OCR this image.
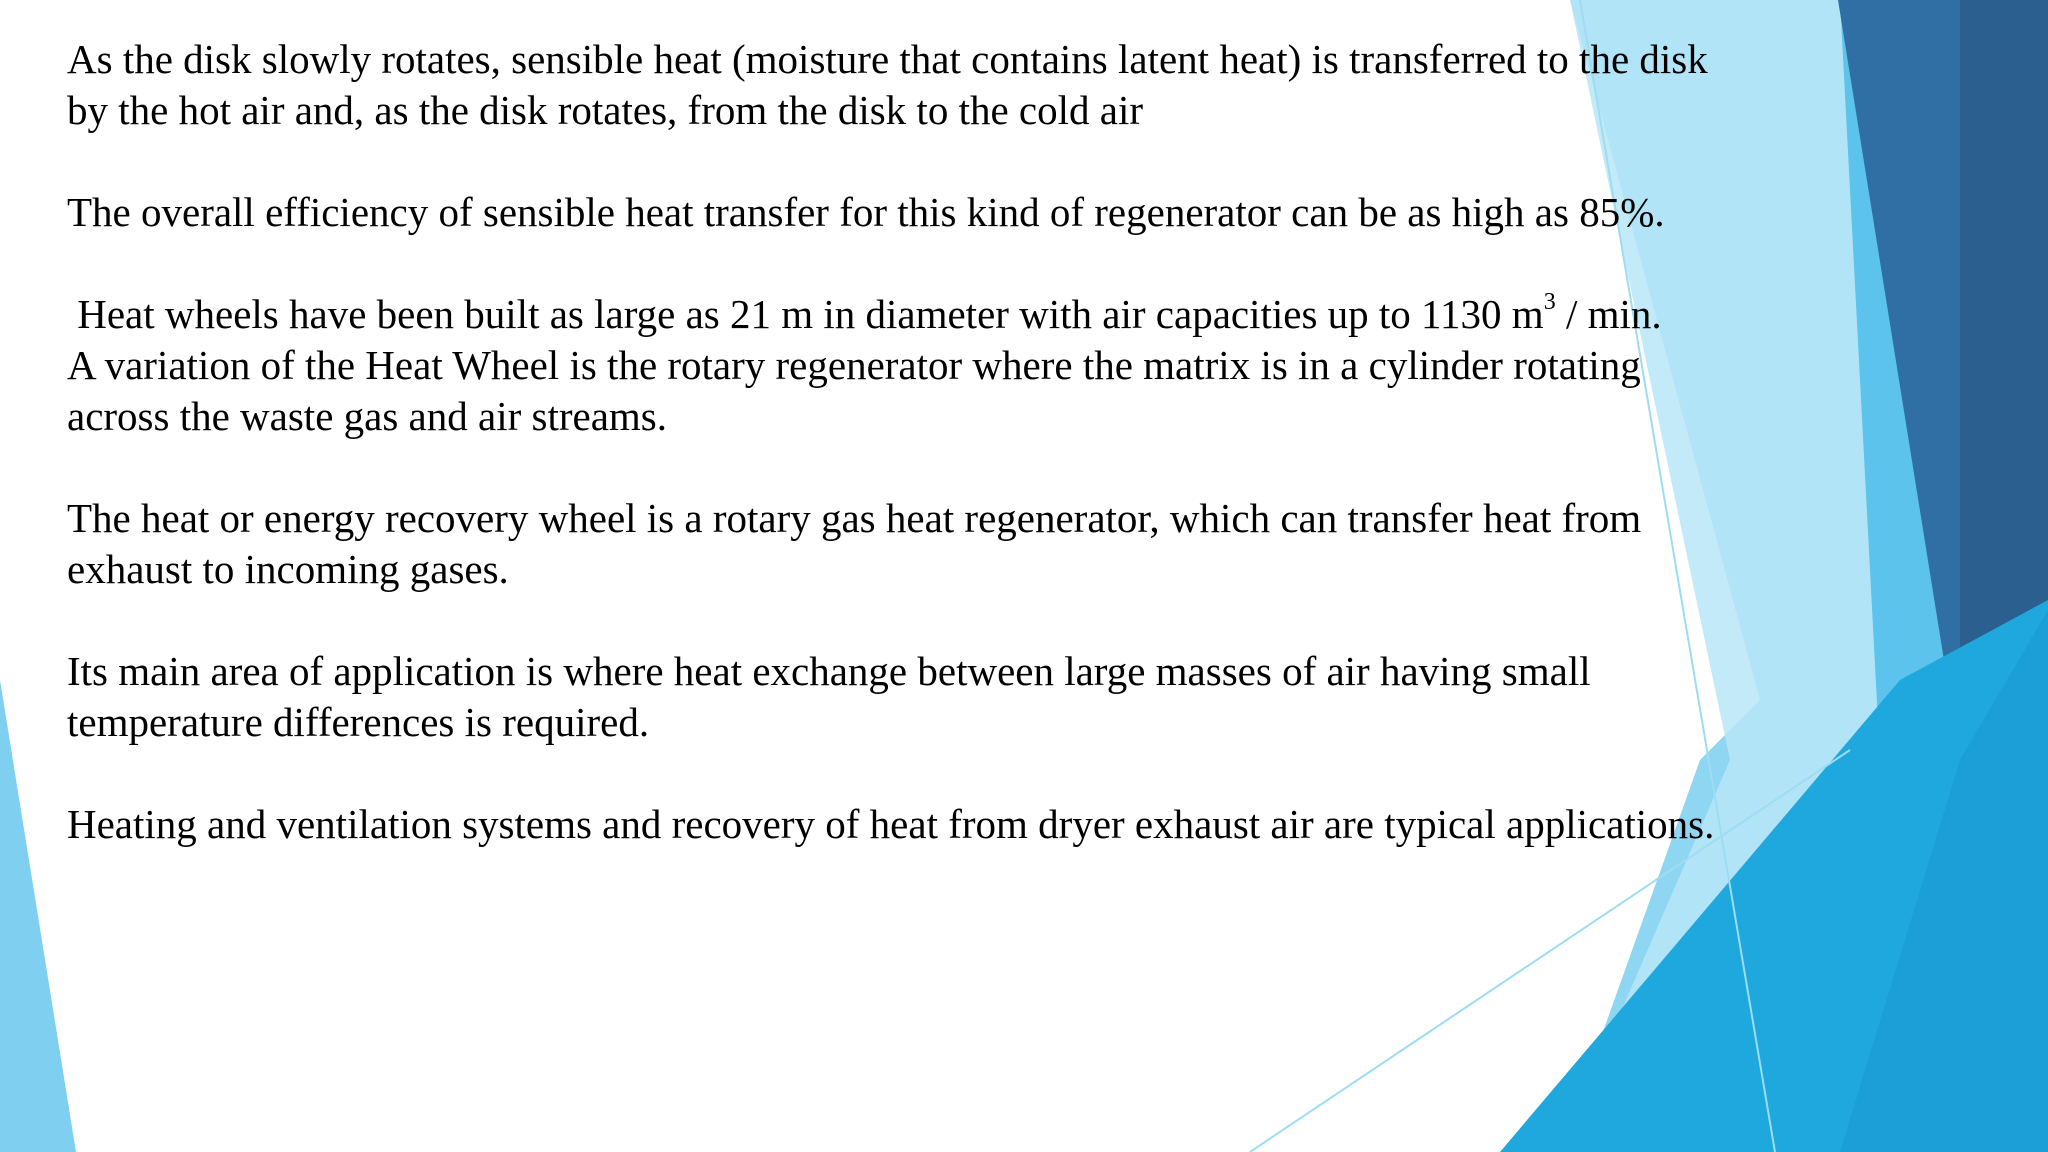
As the disk slowly rotates, sensible heat (moisture that contains latent heat) is transferred to the disk
by the hot air and, as the disk rotates, from the disk to the cold air

The overall efficiency of sensible heat transfer for this kind of regenerator can be as high as 85%.

Heat wheels have been built as large as 21 m in diameter with air capacities up to 1130 $m^3$ / min.
A variation of the Heat Wheel is the rotary regenerator where the matrix is in a cylinder rotating
across the waste gas and air streams.

The heat or energy recovery wheel is a rotary gas heat regenerator, which can transfer heat from
exhaust to incoming gases.

Its main area of application is where heat exchange between large masses of air having small
temperature differences is required.

Heating and ventilation systems and recovery of heat from dryer exhaust air are typical applications.
